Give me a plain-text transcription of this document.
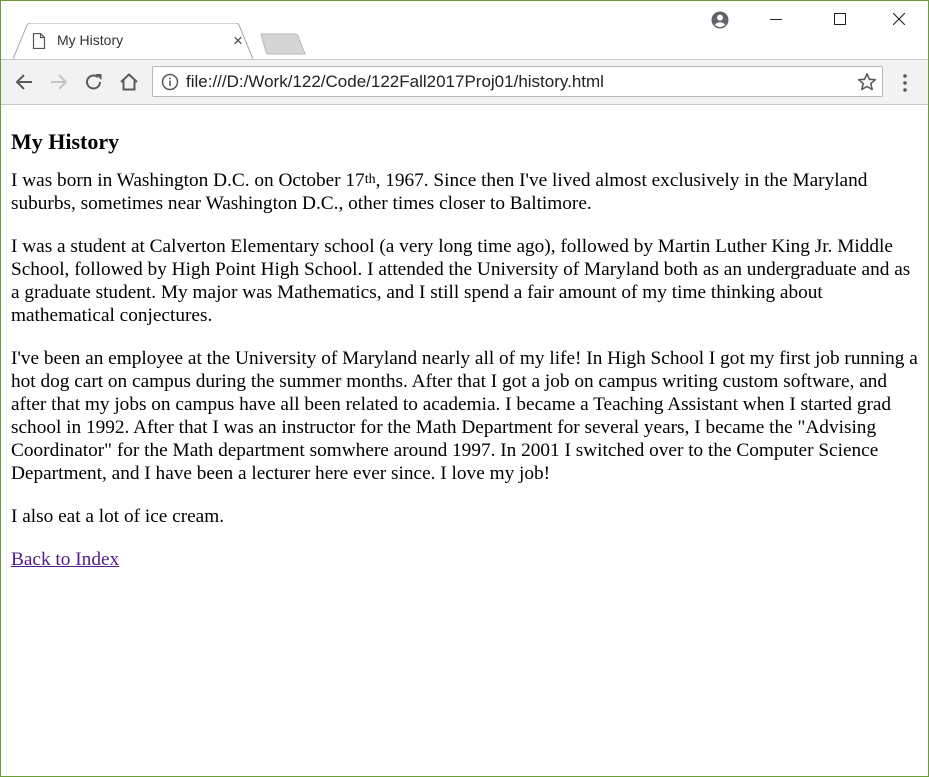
My History	×
file:///D:/Work/122/Code/122Fall2017Proj01/history.html
My History

I was born in Washington D.C. on October 17th, 1967. Since then I've lived almost exclusively in the Maryland suburbs, sometimes near Washington D.C., other times closer to Baltimore.

I was a student at Calverton Elementary school (a very long time ago), followed by Martin Luther King Jr. Middle School, followed by High Point High School. I attended the University of Maryland both as an undergraduate and as a graduate student. My major was Mathematics, and I still spend a fair amount of my time thinking about mathematical conjectures.

I've been an employee at the University of Maryland nearly all of my life! In High School I got my first job running a hot dog cart on campus during the summer months. After that I got a job on campus writing custom software, and after that my jobs on campus have all been related to academia. I became a Teaching Assistant when I started grad school in 1992. After that I was an instructor for the Math Department for several years, I became the "Advising Coordinator" for the Math department somwhere around 1997. In 2001 I switched over to the Computer Science Department, and I have been a lecturer here ever since. I love my job!

I also eat a lot of ice cream.

Back to Index
